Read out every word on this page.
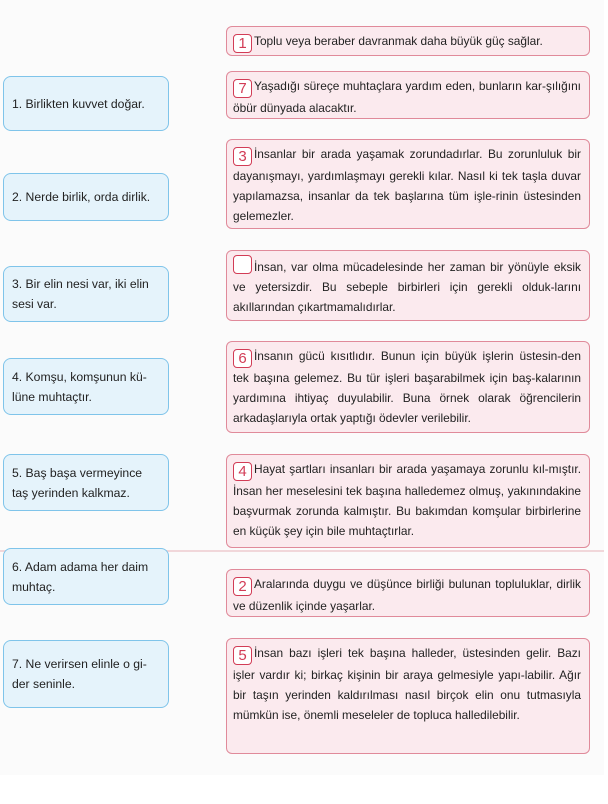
1. Birlikten kuvvet doğar.
2. Nerde birlik, orda dirlik.
3. Bir elin nesi var, iki elin sesi var.
4. Komşu, komşunun kü-lüne muhtaçtır.
5. Baş başa vermeyince taş yerinden kalkmaz.
6. Adam adama her daim muhtaç.
7. Ne verirsen elinle o gi-der seninle.
1 Toplu veya beraber davranmak daha büyük güç sağlar.
7 Yaşadığı süreçe muhtaçlara yardım eden, bunların kar-şılığını öbür dünyada alacaktır.
3 İnsanlar bir arada yaşamak zorundadırlar. Bu zorunluluk bir dayanışmayı, yardımlaşmayı gerekli kılar. Nasıl ki tek taşla duvar yapılamazsa, insanlar da tek başlarına tüm işle-rinin üstesinden gelemezler.
İnsan, var olma mücadelesinde her zaman bir yönüyle eksik ve yetersizdir. Bu sebeple birbirleri için gerekli olduk-larını akıllarından çıkartmamalıdırlar.
6 İnsanın gücü kısıtlıdır. Bunun için büyük işlerin üstesin-den tek başına gelemez. Bu tür işleri başarabilmek için baş-kalarının yardımına ihtiyaç duyulabilir. Buna örnek olarak öğrencilerin arkadaşlarıyla ortak yaptığı ödevler verilebilir.
4 Hayat şartları insanları bir arada yaşamaya zorunlu kıl-mıştır. İnsan her meselesini tek başına halledemez olmuş, yakınındakine başvurmak zorunda kalmıştır. Bu bakımdan komşular birbirlerine en küçük şey için bile muhtaçtırlar.
2 Aralarında duygu ve düşünce birliği bulunan topluluklar, dirlik ve düzenlik içinde yaşarlar.
5 İnsan bazı işleri tek başına halleder, üstesinden gelir. Bazı işler vardır ki; birkaç kişinin bir araya gelmesiyle yapı-labilir. Ağır bir taşın yerinden kaldırılması nasıl birçok elin onu tutmasıyla mümkün ise, önemli meseleler de topluca halledilebilir.
